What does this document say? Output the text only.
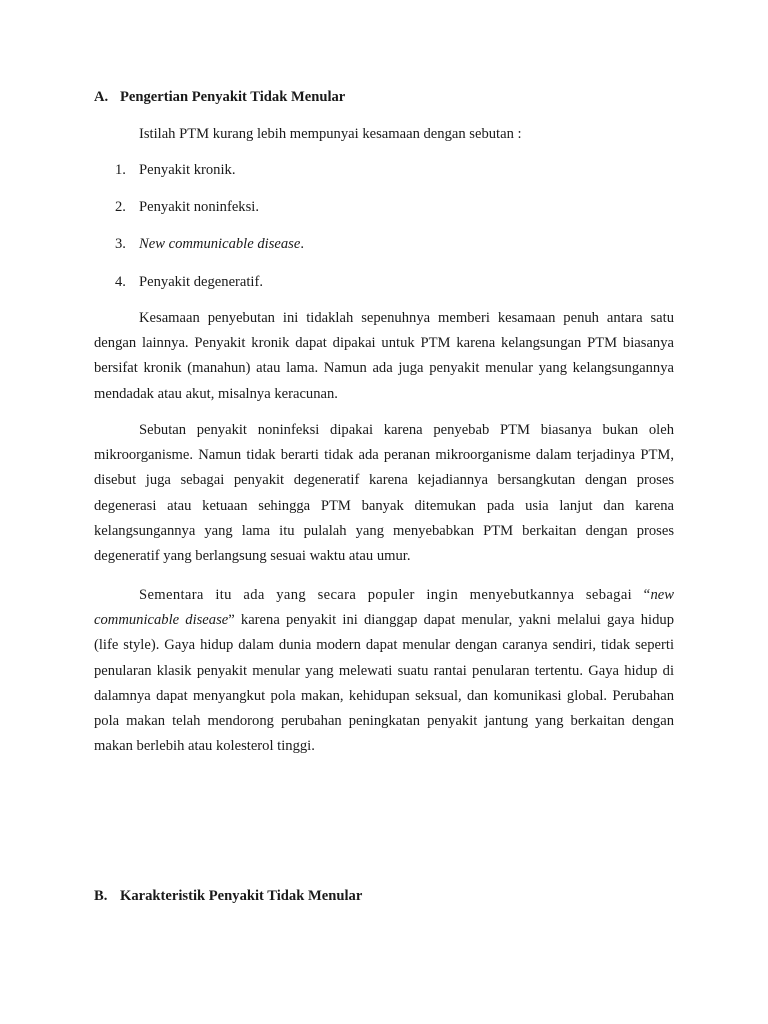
A. Pengertian Penyakit Tidak Menular
Istilah PTM kurang lebih mempunyai kesamaan dengan sebutan :
1. Penyakit kronik.
2. Penyakit noninfeksi.
3. New communicable disease.
4. Penyakit degeneratif.

Kesamaan penyebutan ini tidaklah sepenuhnya memberi kesamaan penuh antara satu dengan lainnya. Penyakit kronik dapat dipakai untuk PTM karena kelangsungan PTM biasanya bersifat kronik (manahun) atau lama. Namun ada juga penyakit menular yang kelangsungannya mendadak atau akut, misalnya keracunan.

Sebutan penyakit noninfeksi dipakai karena penyebab PTM biasanya bukan oleh mikroorganisme. Namun tidak berarti tidak ada peranan mikroorganisme dalam terjadinya PTM, disebut juga sebagai penyakit degeneratif karena kejadiannya bersangkutan dengan proses degenerasi atau ketuaan sehingga PTM banyak ditemukan pada usia lanjut dan karena kelangsungannya yang lama itu pulalah yang menyebabkan PTM berkaitan dengan proses degeneratif yang berlangsung sesuai waktu atau umur.

Sementara itu ada yang secara populer ingin menyebutkannya sebagai “new communicable disease” karena penyakit ini dianggap dapat menular, yakni melalui gaya hidup (life style). Gaya hidup dalam dunia modern dapat menular dengan caranya sendiri, tidak seperti penularan klasik penyakit menular yang melewati suatu rantai penularan tertentu. Gaya hidup di dalamnya dapat menyangkut pola makan, kehidupan seksual, dan komunikasi global. Perubahan pola makan telah mendorong perubahan peningkatan penyakit jantung yang berkaitan dengan makan berlebih atau kolesterol tinggi.

B. Karakteristik Penyakit Tidak Menular
